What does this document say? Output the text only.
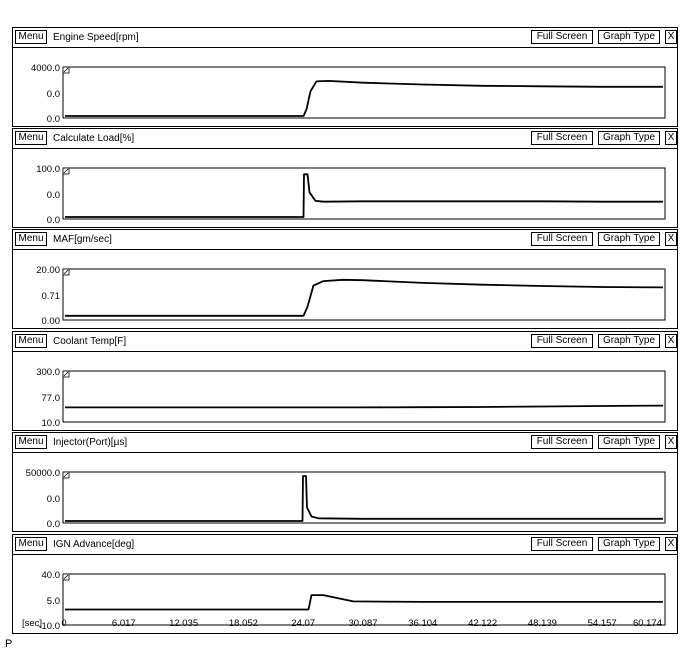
Menu Engine Speed[rpm]	Full Screen	Graph Type	X
4000.0
0.0
0.0
Menu Calculate Load[%]	Full Screen	Graph Type	X
100.0
0.0
0.0
Menu MAF[gm/sec]	Full Screen	Graph Type	X
20.00
0.71
0.00
Menu Coolant Temp[F]	Full Screen	Graph Type	X
300.0
77.0
10.0
Menu Injector(Port)[μs]	Full Screen	Graph Type	X
50000.0
0.0
0.0
Menu IGN Advance[deg]	Full Screen	Graph Type	X
40.0
5.0
-10.0
[sec] 0	6.017	12.035	18.052	24.07	30.087	36.104	42.122	48.139	54.157 60.174
P
